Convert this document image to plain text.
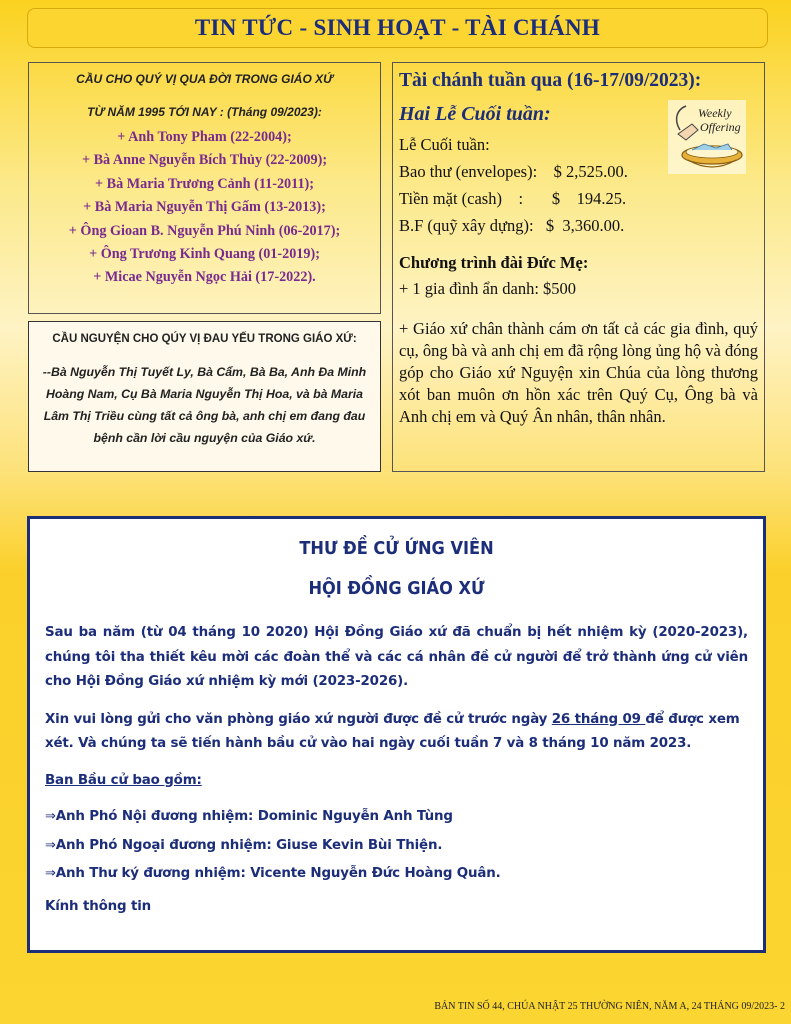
TIN TỨC - SINH HOẠT - TÀI CHÁNH
CẦU CHO QUÝ VỊ QUA ĐỜI TRONG GIÁO XỨ
TỪ NĂM 1995 TỚI NAY : (Tháng 09/2023):
+ Anh Tony Pham (22-2004);
+ Bà Anne Nguyễn Bích Thủy (22-2009);
+ Bà Maria Trương Cảnh (11-2011);
+ Bà Maria Nguyễn Thị Gấm (13-2013);
+ Ông Gioan B. Nguyễn Phú Ninh (06-2017);
+ Ông Trương Kinh Quang (01-2019);
+ Micae Nguyễn Ngọc Hải (17-2022).
CẦU NGUYỆN CHO QÚY VỊ ĐAU YẾU TRONG GIÁO XỨ:
--Bà Nguyễn Thị Tuyết Ly, Bà Cẩm, Bà Ba, Anh Đa Minh Hoàng Nam, Cụ Bà Maria Nguyễn Thị Hoa, và bà Maria Lâm Thị Triều cùng tất cả ông bà, anh chị em đang đau bệnh cần lời cầu nguyện của Giáo xứ.
Tài chánh tuần qua (16-17/09/2023):
Hai Lễ Cuối tuần:
Lễ Cuối tuần:
Bao thư (envelopes):    $ 2,525.00.
Tiền mặt (cash)    :       $    194.25.
B.F (quỹ xây dựng):   $  3,360.00.
Chương trình đài Đức Mẹ:
+ 1 gia đình ẩn danh: $500
+ Giáo xứ chân thành cám ơn tất cả các gia đình, quý cụ, ông bà và anh chị em đã rộng lòng ủng hộ và đóng góp cho Giáo xứ Nguyện xin Chúa của lòng thương xót ban muôn ơn hồn xác trên Quý Cụ, Ông bà và Anh chị em và Quý Ân nhân, thân nhân.
Weekly
Offering
THƯ ĐỀ CỬ ỨNG VIÊN
HỘI ĐỒNG GIÁO XỨ
Sau ba năm (từ 04 tháng 10 2020) Hội Đồng Giáo xứ đã chuẩn bị hết nhiệm kỳ (2020-2023), chúng tôi tha thiết kêu mời các đoàn thể và các cá nhân đề cử người để trở thành ứng cử viên cho Hội Đồng Giáo xứ nhiệm kỳ mới (2023-2026).
Xin vui lòng gửi cho văn phòng giáo xứ người được đề cử trước ngày 26 tháng 09 để được xem xét. Và chúng ta sẽ tiến hành bầu cử vào hai ngày cuối tuần 7 và 8 tháng 10 năm 2023.
Ban Bầu cử bao gồm:
⇒Anh Phó Nội đương nhiệm: Dominic Nguyễn Anh Tùng
⇒Anh Phó Ngoại đương nhiệm: Giuse Kevin Bùi Thiện.
⇒Anh Thư ký đương nhiệm: Vicente Nguyễn Đức Hoàng Quân.
Kính thông tin
BẢN TIN SỐ 44, CHÚA NHẬT 25 THƯỜNG NIÊN, NĂM A, 24 THÁNG 09/2023- 2
